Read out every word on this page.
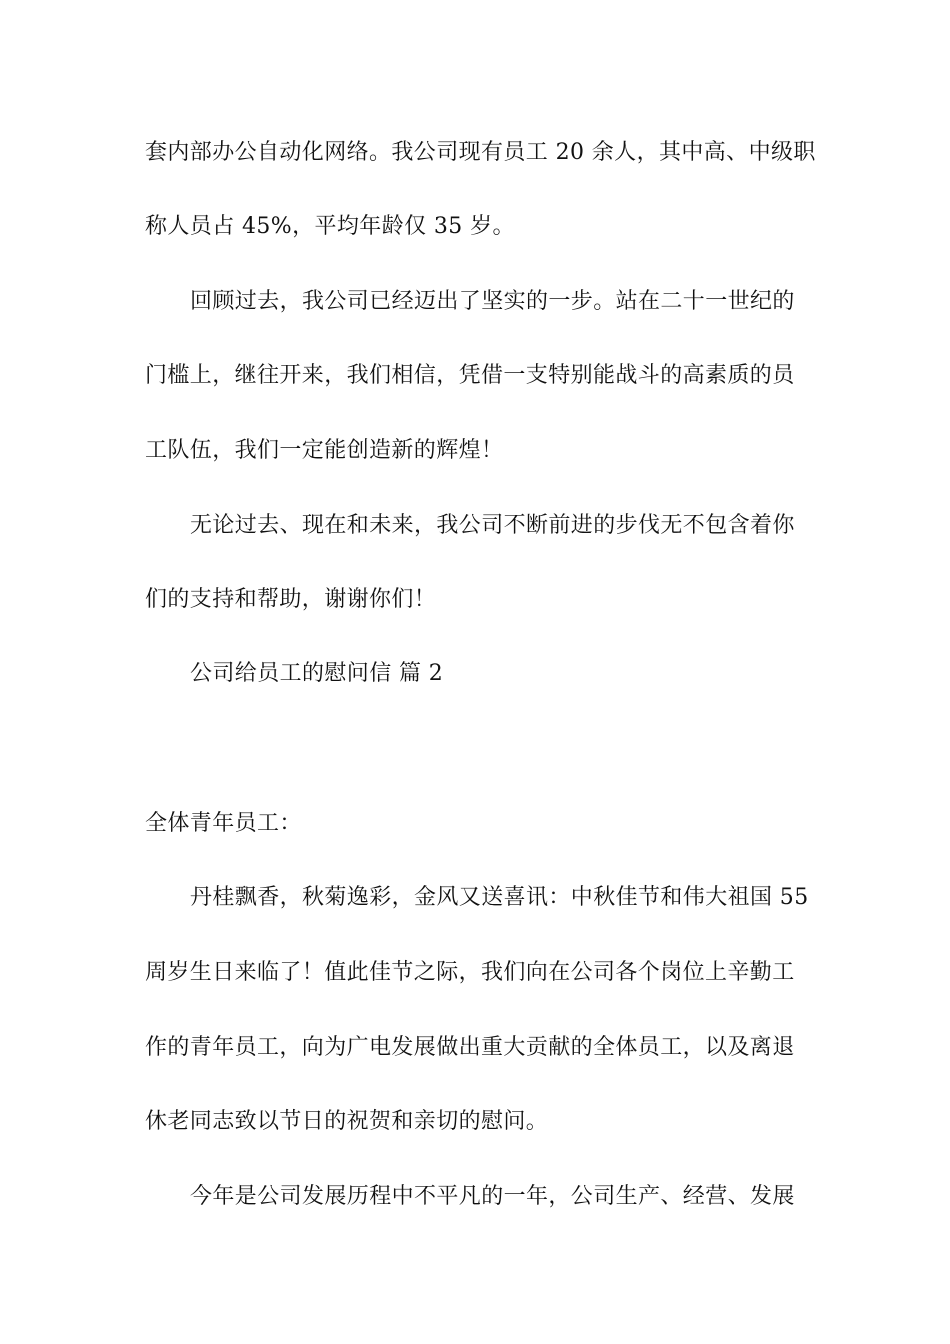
套内部办公自动化网络。我公司现有员工 20 余人，其中高、中级职
称人员占 45%，平均年龄仅 35 岁。
回顾过去，我公司已经迈出了坚实的一步。站在二十一世纪的
门槛上，继往开来，我们相信，凭借一支特别能战斗的高素质的员
工队伍，我们一定能创造新的辉煌！
无论过去、现在和未来，我公司不断前进的步伐无不包含着你
们的支持和帮助，谢谢你们！
公司给员工的慰问信 篇 2
全体青年员工：
丹桂飘香，秋菊逸彩，金风又送喜讯：中秋佳节和伟大祖国 55
周岁生日来临了！值此佳节之际，我们向在公司各个岗位上辛勤工
作的青年员工，向为广电发展做出重大贡献的全体员工，以及离退
休老同志致以节日的祝贺和亲切的慰问。
今年是公司发展历程中不平凡的一年，公司生产、经营、发展
